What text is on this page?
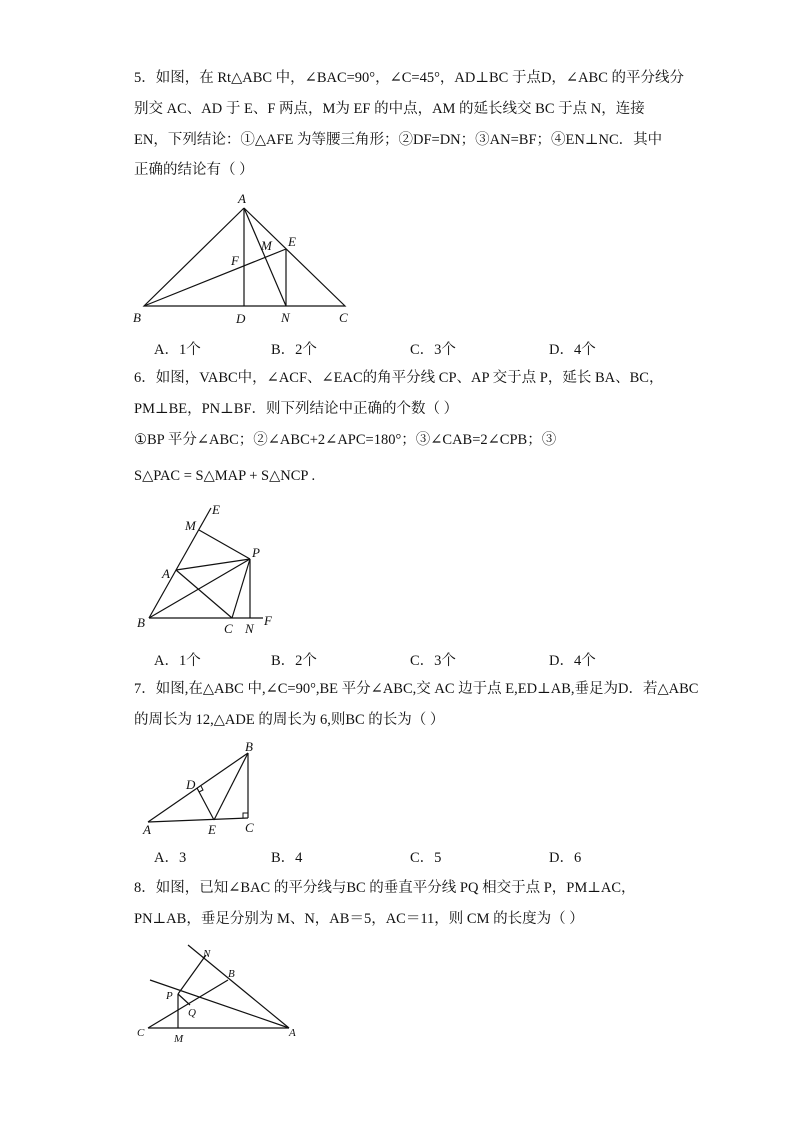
5．如图，在 Rt△ABC 中，∠BAC=90°，∠C=45°，AD⊥BC 于点D，∠ABC 的平分线分
别交 AC、AD 于 E、F 两点，M为 EF 的中点，AM 的延长线交 BC 于点 N，连接
EN，下列结论：①△AFE 为等腰三角形；②DF=DN；③AN=BF；④EN⊥NC．其中
正确的结论有（ ）
A
B	C
D
E
F
M
N
E
M
P
A
B	C N
F
B
D
A	E C
N
B
P
Q
C	M	A
A．1个	B．2个	C．3个	D．4个
6．如图，VABC中，∠ACF、∠EAC的角平分线 CP、AP 交于点 P，延长 BA、BC，
PM⊥BE，PN⊥BF．则下列结论中正确的个数（ ）
①BP 平分∠ABC；②∠ABC+2∠APC=180°；③∠CAB=2∠CPB；③
S△PAC = S△MAP + S△NCP .
A．1个	B．2个	C．3个	D．4个
7．如图,在△ABC 中,∠C=90°,BE 平分∠ABC,交 AC 边于点 E,ED⊥AB,垂足为D．若△ABC
的周长为 12,△ADE 的周长为 6,则BC 的长为（ ）
A．3	B．4	C．5	D．6
8．如图，已知∠BAC 的平分线与BC 的垂直平分线 PQ 相交于点 P，PM⊥AC，
PN⊥AB，垂足分别为 M、N，AB＝5，AC＝11，则 CM 的长度为（ ）
